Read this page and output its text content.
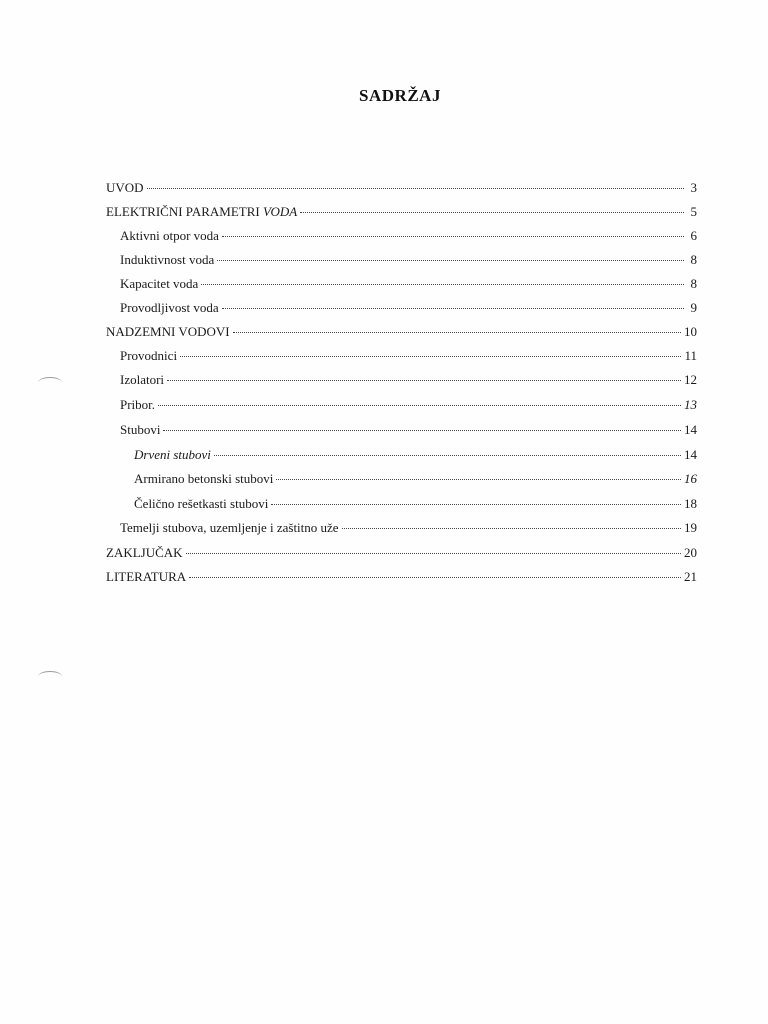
SADRŽAJ
UVOD	3
ELEKTRIČNI PARAMETRI VODA	5
Aktivni otpor voda	6
Induktivnost voda	8
Kapacitet voda	8
Provodljivost voda	9
NADZEMNI VODOVI	10
Provodnici	11
Izolatori	12
Pribor.	13
Stubovi	14
Drveni stubovi	14
Armirano betonski stubovi	16
Čelično rešetkasti stubovi	18
Temelji stubova, uzemljenje i zaštitno uže	19
ZAKLJUČAK	20
LITERATURA	21
